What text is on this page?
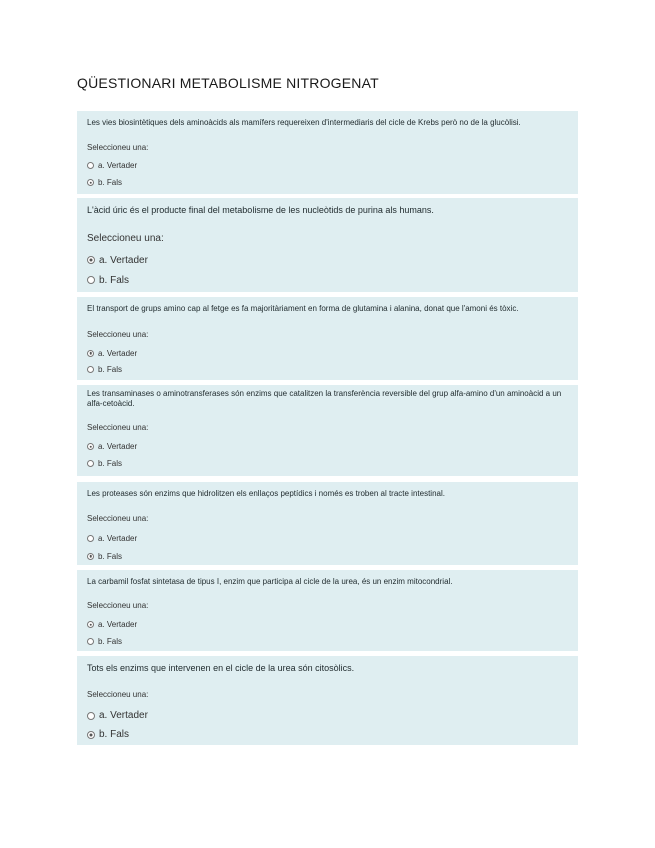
QÜESTIONARI METABOLISME NITROGENAT
Les vies biosintètiques dels aminoàcids als mamífers requereixen d'intermediaris del cicle de Krebs però no de la glucòlisi.
Seleccioneu una:
a. Vertader
b. Fals
L'àcid úric és el producte final del metabolisme de les nucleòtids de purina als humans.
Seleccioneu una:
a. Vertader
b. Fals
El transport de grups amino cap al fetge es fa majoritàriament en forma de glutamina i alanina, donat que l'amoni és tòxic.
Seleccioneu una:
a. Vertader
b. Fals
Les transaminases o aminotransferases són enzims que catalitzen la transferència reversible del grup alfa-amino d'un aminoàcid a un alfa-cetoàcid.
Seleccioneu una:
a. Vertader
b. Fals
Les proteases són enzims que hidrolitzen els enllaços peptídics i només es troben al tracte intestinal.
Seleccioneu una:
a. Vertader
b. Fals
La carbamil fosfat sintetasa de tipus I, enzim que participa al cicle de la urea, és un enzim mitocondrial.
Seleccioneu una:
a. Vertader
b. Fals
Tots els enzims que intervenen en el cicle de la urea són citosòlics.
Seleccioneu una:
a. Vertader
b. Fals
